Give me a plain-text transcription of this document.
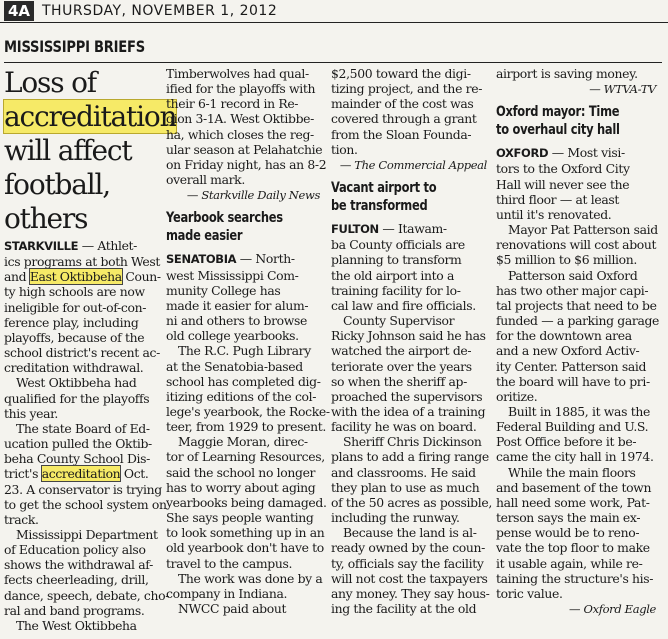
4A THURSDAY, NOVEMBER 1, 2012
MISSISSIPPI BRIEFS
Loss of
accreditation
will affect
football,
others
STARKVILLE — Athlet-
ics programs at both West
and East Oktibbeha Coun-
ty high schools are now
ineligible for out-of-con-
ference play, including
playoffs, because of the
school district's recent ac-
creditation withdrawal.
West Oktibbeha had
qualified for the playoffs
this year.
The state Board of Ed-
ucation pulled the Oktib-
beha County School Dis-
trict's accreditation Oct.
23. A conservator is trying
to get the school system on
track.
Mississippi Department
of Education policy also
shows the withdrawal af-
fects cheerleading, drill,
dance, speech, debate, cho-
ral and band programs.
The West Oktibbeha
Timberwolves had qual-
ified for the playoffs with
their 6-1 record in Re-
gion 3-1A. West Oktibbe-
ha, which closes the reg-
ular season at Pelahatchie
on Friday night, has an 8-2
overall mark.
— Starkville Daily News
Yearbook searches
made easier
SENATOBIA — North-
west Mississippi Com-
munity College has
made it easier for alum-
ni and others to browse
old college yearbooks.
The R.C. Pugh Library
at the Senatobia-based
school has completed dig-
itizing editions of the col-
lege's yearbook, the Rocke-
teer, from 1929 to present.
Maggie Moran, direc-
tor of Learning Resources,
said the school no longer
has to worry about aging
yearbooks being damaged.
She says people wanting
to look something up in an
old yearbook don't have to
travel to the campus.
The work was done by a
company in Indiana.
NWCC paid about
$2,500 toward the digi-
tizing project, and the re-
mainder of the cost was
covered through a grant
from the Sloan Founda-
tion.
— The Commercial Appeal
Vacant airport to
be transformed
FULTON — Itawam-
ba County officials are
planning to transform
the old airport into a
training facility for lo-
cal law and fire officials.
County Supervisor
Ricky Johnson said he has
watched the airport de-
teriorate over the years
so when the sheriff ap-
proached the supervisors
with the idea of a training
facility he was on board.
Sheriff Chris Dickinson
plans to add a firing range
and classrooms. He said
they plan to use as much
of the 50 acres as possible,
including the runway.
Because the land is al-
ready owned by the coun-
ty, officials say the facility
will not cost the taxpayers
any money. They say hous-
ing the facility at the old
airport is saving money.
— WTVA-TV
Oxford mayor: Time
to overhaul city hall
OXFORD — Most visi-
tors to the Oxford City
Hall will never see the
third floor — at least
until it's renovated.
Mayor Pat Patterson said
renovations will cost about
$5 million to $6 million.
Patterson said Oxford
has two other major capi-
tal projects that need to be
funded — a parking garage
for the downtown area
and a new Oxford Activ-
ity Center. Patterson said
the board will have to pri-
oritize.
Built in 1885, it was the
Federal Building and U.S.
Post Office before it be-
came the city hall in 1974.
While the main floors
and basement of the town
hall need some work, Pat-
terson says the main ex-
pense would be to reno-
vate the top floor to make
it usable again, while re-
taining the structure's his-
toric value.
— Oxford Eagle
